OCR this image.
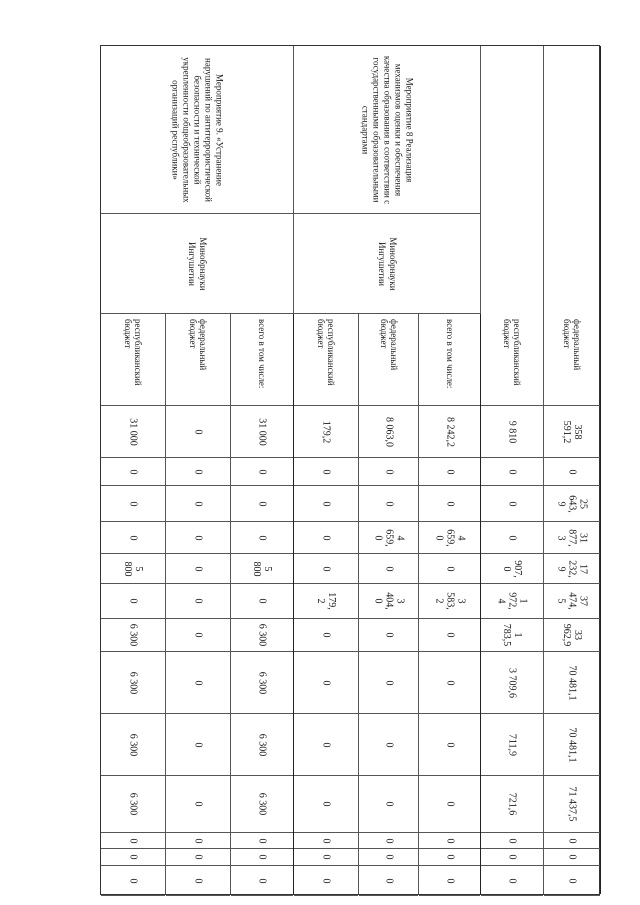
республиканский бюджет
31 000
0
0
0
5
800
0
6 300
6 300
6 300
6 300
0
0
0
федеральный бюджет
0
0
0
0
0
0
0
0
0
0
0
0
0
всего в том числе:
31 000
0
0
0
5
800
0
6 300
6 300
6 300
6 300
0
0
0
республиканский бюджет
179,2
0
0
0
0
179,
2
0
0
0
0
0
0
0
федеральный бюджет
8 063,0
0
0
4
659,
0
0
3
404,
0
0
0
0
0
0
0
0
всего в том числе:
8 242,2
0
0
4
659,
0
0
3
583,
2
0
0
0
0
0
0
0
республиканский бюджет
9 810
0
0
0
907,
0
1
972,
4
1
783,5
3 709,6
711,9
721,6
0
0
0
федеральный бюджет
358
591,2
0
25
643,
9
31
877,
3
17
232,
9
37
474,
5
33
962,9
70 481,1
70 481,1
71 437,5
0
0
0
Мероприятие 9. «Устранение нарушений по антитеррористической безопасности и технической укрепленности общеобразовательных организаций республики»
Минобрнауки Ингушетии
Мероприятие 8 Реализация механизмов оценки и обеспечения качества образования в соответствии с государственными образовательными стандартами
Минобрнауки Ингушетии
